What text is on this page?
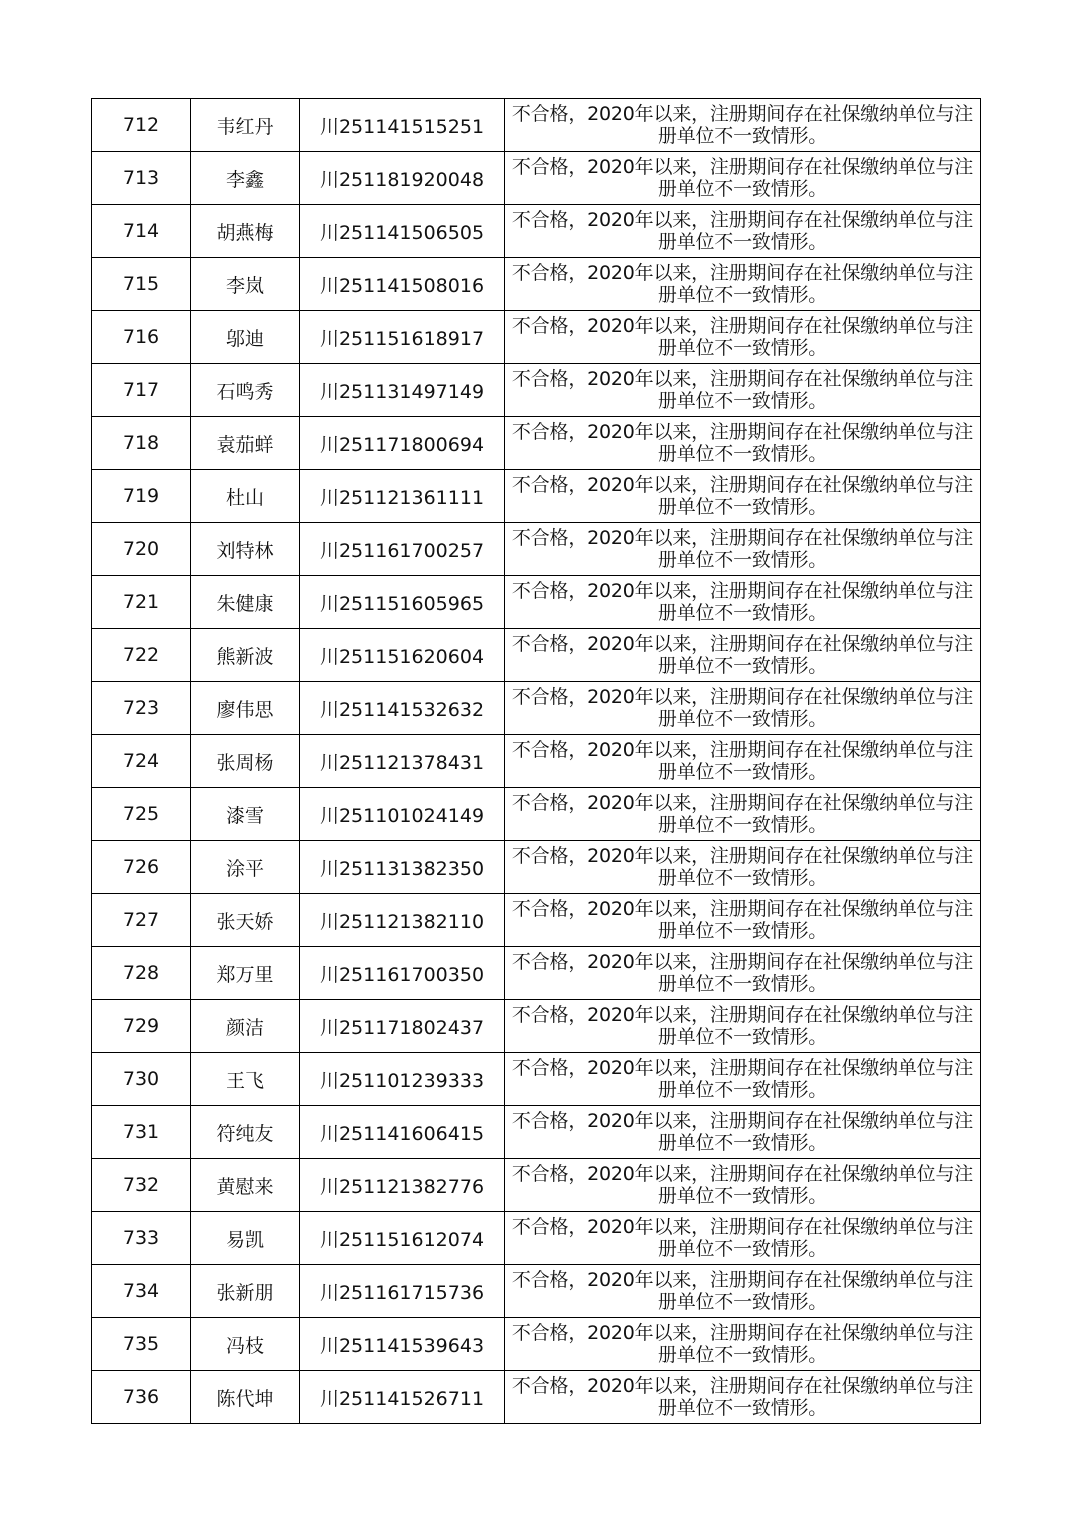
712	韦红丹	川251141515251	不合格，2020年以来，注册期间存在社保缴纳单位与注册单位不一致情形。
713	李鑫	川251181920048	不合格，2020年以来，注册期间存在社保缴纳单位与注册单位不一致情形。
714	胡燕梅	川251141506505	不合格，2020年以来，注册期间存在社保缴纳单位与注册单位不一致情形。
715	李岚	川251141508016	不合格，2020年以来，注册期间存在社保缴纳单位与注册单位不一致情形。
716	邬迪	川251151618917	不合格，2020年以来，注册期间存在社保缴纳单位与注册单位不一致情形。
717	石鸣秀	川251131497149	不合格，2020年以来，注册期间存在社保缴纳单位与注册单位不一致情形。
718	袁茄蛘	川251171800694	不合格，2020年以来，注册期间存在社保缴纳单位与注册单位不一致情形。
719	杜山	川251121361111	不合格，2020年以来，注册期间存在社保缴纳单位与注册单位不一致情形。
720	刘特林	川251161700257	不合格，2020年以来，注册期间存在社保缴纳单位与注册单位不一致情形。
721	朱健康	川251151605965	不合格，2020年以来，注册期间存在社保缴纳单位与注册单位不一致情形。
722	熊新波	川251151620604	不合格，2020年以来，注册期间存在社保缴纳单位与注册单位不一致情形。
723	廖伟思	川251141532632	不合格，2020年以来，注册期间存在社保缴纳单位与注册单位不一致情形。
724	张周杨	川251121378431	不合格，2020年以来，注册期间存在社保缴纳单位与注册单位不一致情形。
725	漆雪	川251101024149	不合格，2020年以来，注册期间存在社保缴纳单位与注册单位不一致情形。
726	涂平	川251131382350	不合格，2020年以来，注册期间存在社保缴纳单位与注册单位不一致情形。
727	张天娇	川251121382110	不合格，2020年以来，注册期间存在社保缴纳单位与注册单位不一致情形。
728	郑万里	川251161700350	不合格，2020年以来，注册期间存在社保缴纳单位与注册单位不一致情形。
729	颜洁	川251171802437	不合格，2020年以来，注册期间存在社保缴纳单位与注册单位不一致情形。
730	王飞	川251101239333	不合格，2020年以来，注册期间存在社保缴纳单位与注册单位不一致情形。
731	符纯友	川251141606415	不合格，2020年以来，注册期间存在社保缴纳单位与注册单位不一致情形。
732	黄慰来	川251121382776	不合格，2020年以来，注册期间存在社保缴纳单位与注册单位不一致情形。
733	易凯	川251151612074	不合格，2020年以来，注册期间存在社保缴纳单位与注册单位不一致情形。
734	张新朋	川251161715736	不合格，2020年以来，注册期间存在社保缴纳单位与注册单位不一致情形。
735	冯枝	川251141539643	不合格，2020年以来，注册期间存在社保缴纳单位与注册单位不一致情形。
736	陈代坤	川251141526711	不合格，2020年以来，注册期间存在社保缴纳单位与注册单位不一致情形。
